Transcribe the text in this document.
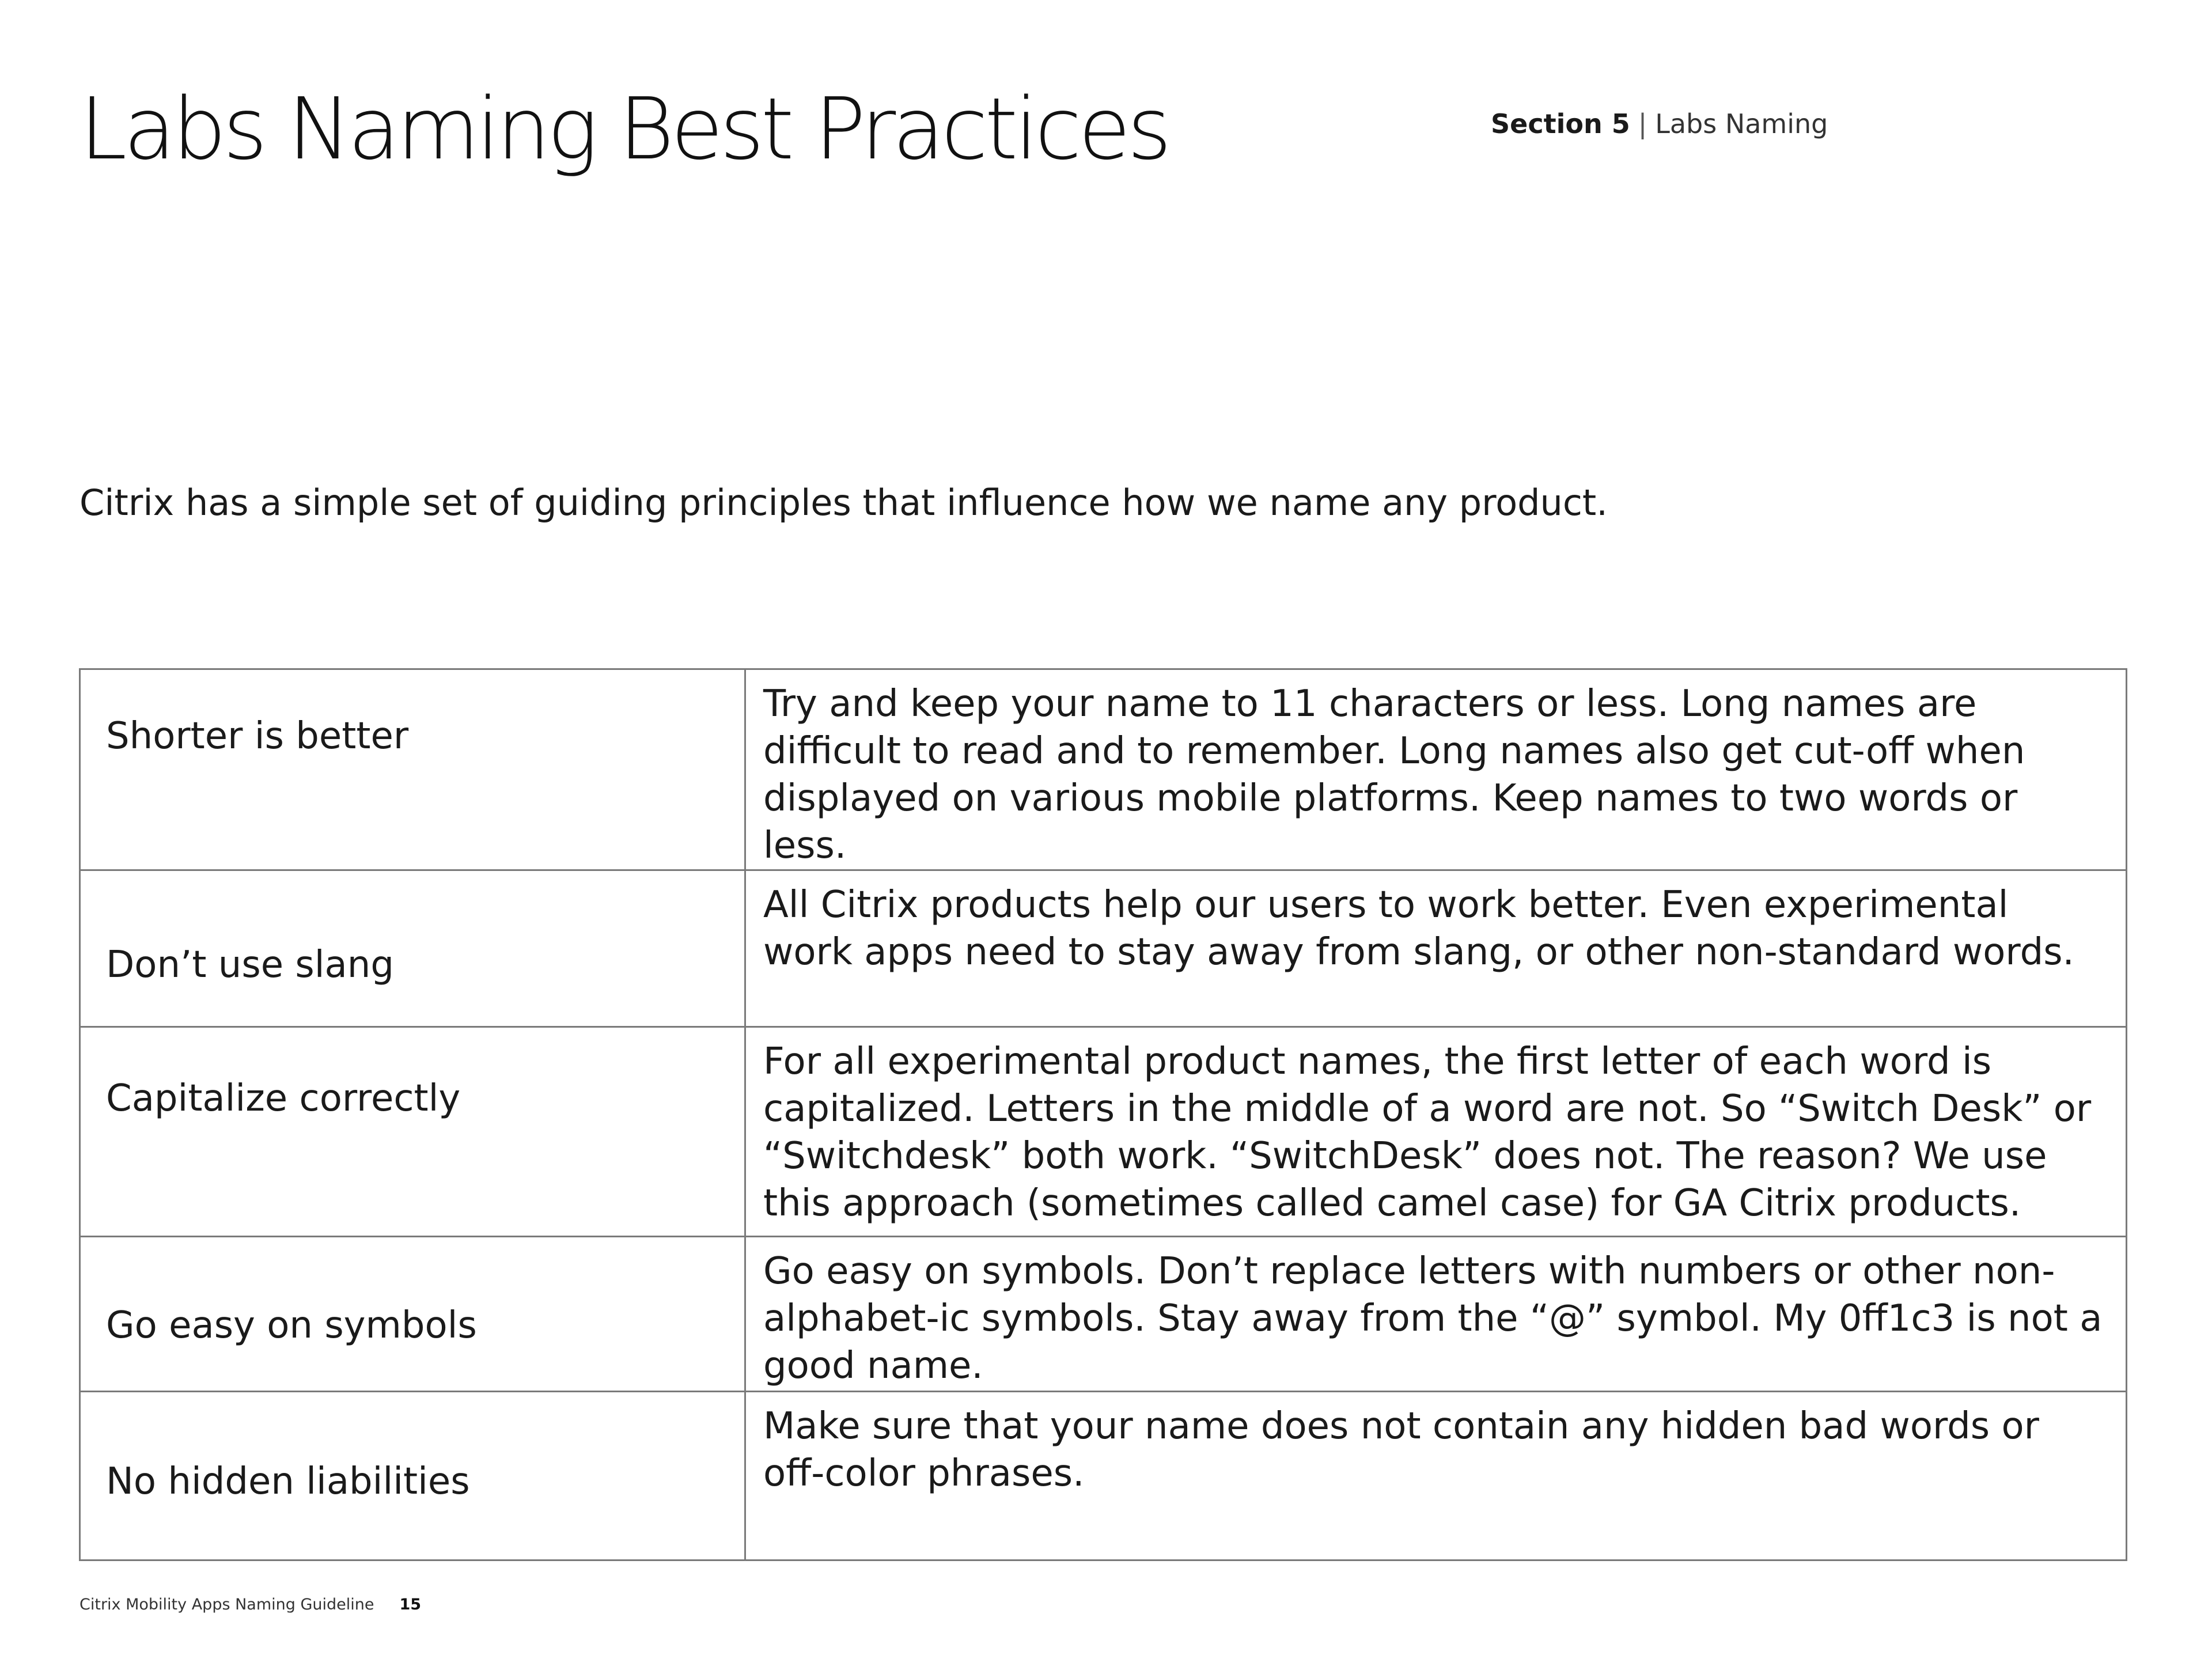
Labs Naming Best Practices	Section 5 | Labs Naming

Citrix has a simple set of guiding principles that influence how we name any product.

Shorter is better	Try and keep your name to 11 characters or less. Long names are difficult to read and to remember. Long names also get cut-off when displayed on various mobile platforms. Keep names to two words or less.

Don’t use slang	All Citrix products help our users to work better. Even experimental work apps need to stay away from slang, or other non-standard words.

Capitalize correctly	For all experimental product names, the first letter of each word is capitalized. Letters in the middle of a word are not. So “Switch Desk” or “Switchdesk” both work. “SwitchDesk” does not. The reason? We use this approach (sometimes called camel case) for GA Citrix products.

Go easy on symbols	Go easy on symbols. Don’t replace letters with numbers or other non-alphabet-ic symbols. Stay away from the “@” symbol. My 0ff1c3 is not a good name.

No hidden liabilities	Make sure that your name does not contain any hidden bad words or off-color phrases.
Citrix Mobility Apps Naming Guideline 15
